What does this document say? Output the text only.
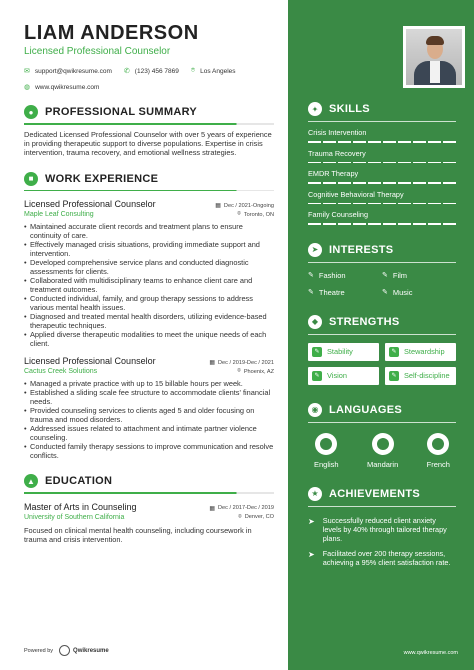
LIAM ANDERSON
Licensed Professional Counselor
✉ support@qwikresume.com ✆ (123) 456 7869 ⌾ Los Angeles
◍ www.qwikresume.com
●	PROFESSIONAL SUMMARY

Dedicated Licensed Professional Counselor with over 5 years of experience in providing therapeutic support to diverse populations. Expertise in crisis intervention, trauma recovery, and emotional wellness strategies.

■	WORK EXPERIENCE
Licensed Professional Counselor	▦ Dec / 2021-Ongoing
Maple Leaf Consulting	⌾ Toronto, ON
• Maintained accurate client records and treatment plans to ensure continuity of care.
• Effectively managed crisis situations, providing immediate support and intervention.
• Developed comprehensive service plans and conducted diagnostic assessments for clients.
• Collaborated with multidisciplinary teams to enhance client care and treatment outcomes.
• Conducted individual, family, and group therapy sessions to address various mental health issues.
• Diagnosed and treated mental health disorders, utilizing evidence-based therapeutic techniques.
• Applied diverse therapeutic modalities to meet the unique needs of each client.
Licensed Professional Counselor	▦ Dec / 2019-Dec / 2021
Cactus Creek Solutions	⌾ Phoenix, AZ
• Managed a private practice with up to 15 billable hours per week.
• Established a sliding scale fee structure to accommodate clients' financial needs.
• Provided counseling services to clients aged 5 and older focusing on trauma and mood disorders.
• Addressed issues related to attachment and intimate partner violence counseling.
• Conducted family therapy sessions to improve communication and resolve conflicts.
▲ EDUCATION
Master of Arts in Counseling	▦ Dec / 2017-Dec / 2019
University of Southern California	⌾ Denver, CO

Focused on clinical mental health counseling, including coursework in trauma and crisis intervention.

Powered by	Qwikresume
✦ SKILLS
Crisis Intervention
Trauma Recovery
EMDR Therapy
Cognitive Behavioral Therapy
Family Counseling
➤ INTERESTS
✎ Fashion	✎ Film
✎ Theatre	✎ Music
◆ STRENGTHS
✎	Stability	✎	Stewardship
✎	Vision	✎	Self-discipline
◉ LANGUAGES
English	Mandarin	French
★ ACHIEVEMENTS
➤ Successfully reduced client anxiety levels by 40% through tailored therapy plans.
➤ Facilitated over 200 therapy sessions, achieving a 95% client satisfaction rate.
www.qwikresume.com
